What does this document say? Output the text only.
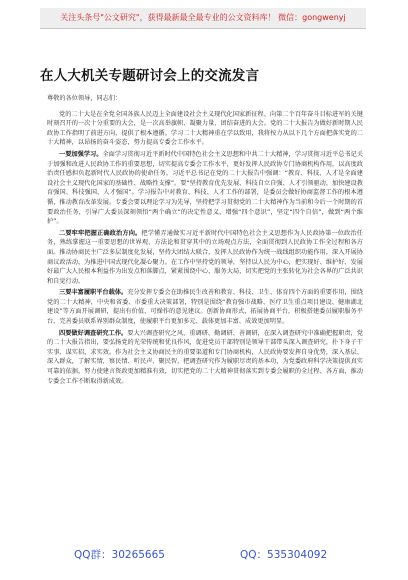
关注头条号"公文研究"，获得最新最全最专业的公文资料库！ 微信：gongwenyj
在人大机关专题研讨会上的交流发言

尊敬的各位领导，同志们：

党的二十大是在全党全国各族人民迈上全面建设社会主义现代化国家新征程、向第二个百年奋斗目标进军的关键时刻召开的一次十分重要的大会，是一次高举旗帜、凝聚力量、团结奋进的大会。党的二十大报告为做好新时期人民政协工作指明了前进方向，提供了根本遵循。学习二十大精神重在学以致用，我将按力从以下几个方面把落实党的二十大精神，以昂扬的奋斗姿态，努力提高专委会工作水平。

一要加强学习。全面学习贯彻习近平新时代中国特色社会主义思想和中共二十大精神，学习贯彻习近平总书记关于加强和改进人民政协工作的重要思想，切实提高专委会工作水平，更好发挥人民政协专门协商机构作用，以高度政治责任感担负起新时代人民政协的使命任务。习近平总书记在党的二十大报告中强调：“教育、科技、人才是全面建设社会主义现代化国家的基础性、战略性支撑”。要“坚持教育优先发展、科技自立自强、人才引领驱动，加快建设教育强国、科技强国、人才强国”。学习报告中对教育、科技、人才工作的部署，是委员会做好协商监督工作的根本遵循，推动教育改革发展。专委会要以理论学习为先导，坚持把学习贯彻党的二十大精神作为当前和今后一个时期的首要政治任务，引导广大委员深刻领悟“两个确立”的决定性意义，增强“四个意识”，坚定“四个自信”，做到“两个维护”。

二要牢牢把握正确政治方向。把学懂弄通做实习近平新时代中国特色社会主义思想作为人民政协第一位政治任务，熟练掌握这一重要思想的世界观、方法论和贯穿其中的立场观点方法，全面贯彻到人民政协工作全过程和各方面。推动协商民主广泛多层制度化发展，坚持大团结大联合，发挥人民政协作为统一战线组织功能作用，深入开展协商议政活动，为推进中国式现代化凝心聚力。在工作中坚持党的领导，坚持以人民为中心，把实现好、维护好、发展好最广大人民根本利益作为出发点和落脚点，紧紧围绕中心、服务大局，切实把党的主张转化为社会各界的广泛共识和自觉行动。

三要丰富履职平台载体。充分发挥专委会在助推民生改善和教育、科技、卫生、体育四个方面的重要作用，围绕党的二十大精神，中央和省委、市委重大决策部署，特别是围绕“教育强市战略、医疗卫生重点项目建设、健康湖北建设”等方面开展调研，提出有价值、可操作的意见建议。创新协商形式，拓展协商平台，积极搭建委员履职服务平台，完善委员联系界别群众制度，使履职平台更加多元、载体更加丰富、成效更加明显。

四要做好调查研究工作。要大兴调查研究之风，重调研、勤调研、善调研，在深入调查研究中准确把握职责，党的二十大报告指出，要弘扬党的光荣传统和优良作风，促进党员干部特别是领导干部带头深入调查研究，扑下身子干实事、谋实招、求实效。作为社会主义协商民主的重要渠道和专门协商机构，人民政协要发挥自身优势，深入基层、深入群众，了解实情，察民情、听民声、聚民智，把调查研究作为履职尽责的基本功，为党委政府科学决策提供真实可靠的依据，努力使建言资政更加精准有效，切实把党的二十大精神贯彻落实到专委会履职的全过程、各方面，推动专委会工作不断取得新成效。

QQ群：30265665	QQ：535304092
